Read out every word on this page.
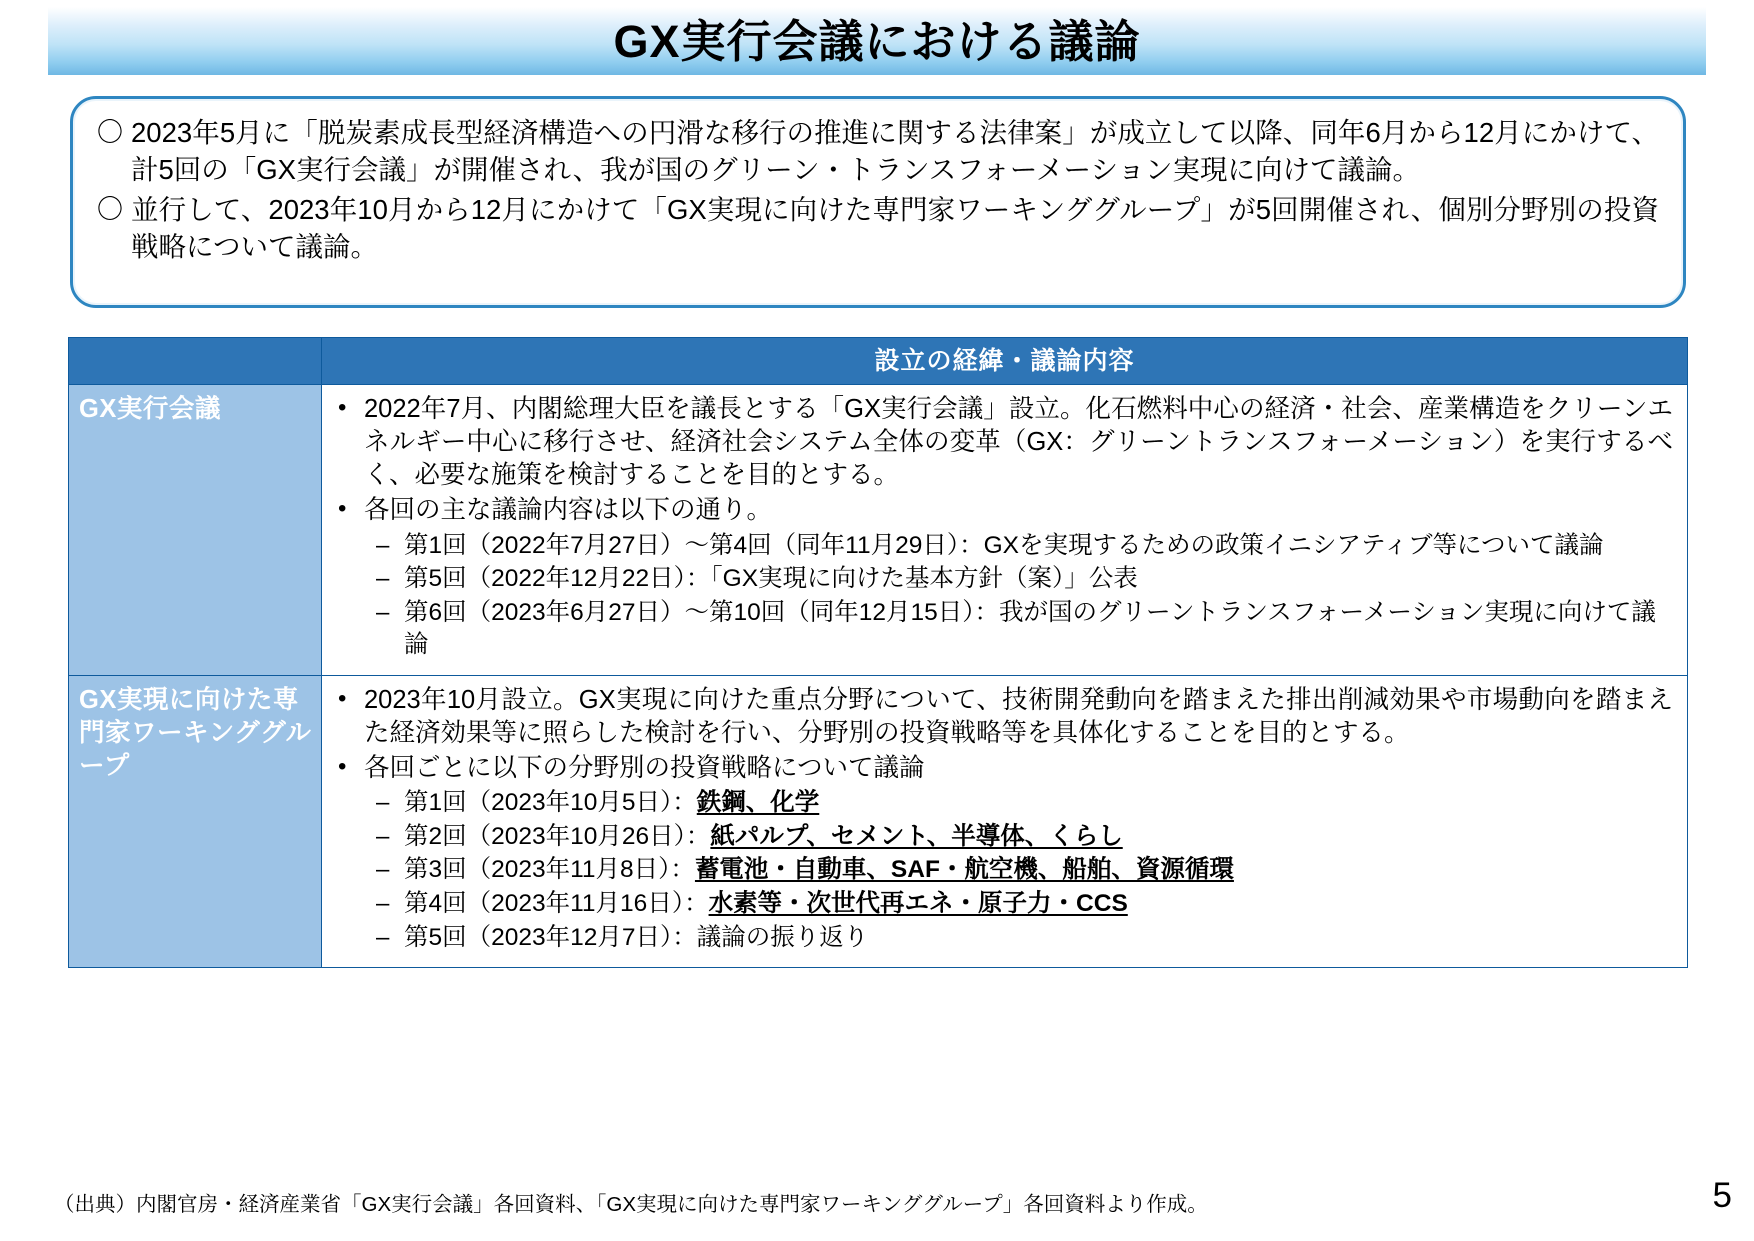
GX実行会議における議論
〇 2023年5月に「脱炭素成長型経済構造への円滑な移行の推進に関する法律案」が成立して以降、同年6月から12月にかけて、計5回の「GX実行会議」が開催され、我が国のグリーン・トランスフォーメーション実現に向けて議論。
〇 並行して、2023年10月から12月にかけて「GX実現に向けた専門家ワーキンググループ」が5回開催され、個別分野別の投資戦略について議論。
	設立の経緯・議論内容
GX実行会議	
•2022年7月、内閣総理大臣を議長とする「GX実行会議」設立。化石燃料中心の経済・社会、産業構造をクリーンエネルギー中心に移行させ、経済社会システム全体の変革（GX：グリーントランスフォーメーション）を実行するべく、必要な施策を検討することを目的とする。
• 各回の主な議論内容は以下の通り。
– 第1回（2022年7月27日）〜第4回（同年11月29日）：GXを実現するための政策イニシアティブ等について議論
– 第5回（2022年12月22日）：「GX実現に向けた基本方針（案）」公表
– 第6回（2023年6月27日）〜第10回（同年12月15日）：我が国のグリーントランスフォーメーション実現に向けて議論

GX実現に向けた専門家ワーキンググループ	
• 2023年10月設立。GX実現に向けた重点分野について、技術開発動向を踏まえた排出削減効果や市場動向を踏まえた経済効果等に照らした検討を行い、分野別の投資戦略等を具体化することを目的とする。
• 各回ごとに以下の分野別の投資戦略について議論
– 第1回（2023年10月5日）：鉄鋼、化学
– 第2回（2023年10月26日）：紙パルプ、セメント、半導体、くらし
– 第3回（2023年11月8日）：蓄電池・自動車、SAF・航空機、船舶、資源循環
– 第4回（2023年11月16日）：水素等・次世代再エネ・原子力・CCS
– 第5回（2023年12月7日）：議論の振り返り
（出典）内閣官房・経済産業省「GX実行会議」各回資料、「GX実現に向けた専門家ワーキンググループ」各回資料より作成。	5
